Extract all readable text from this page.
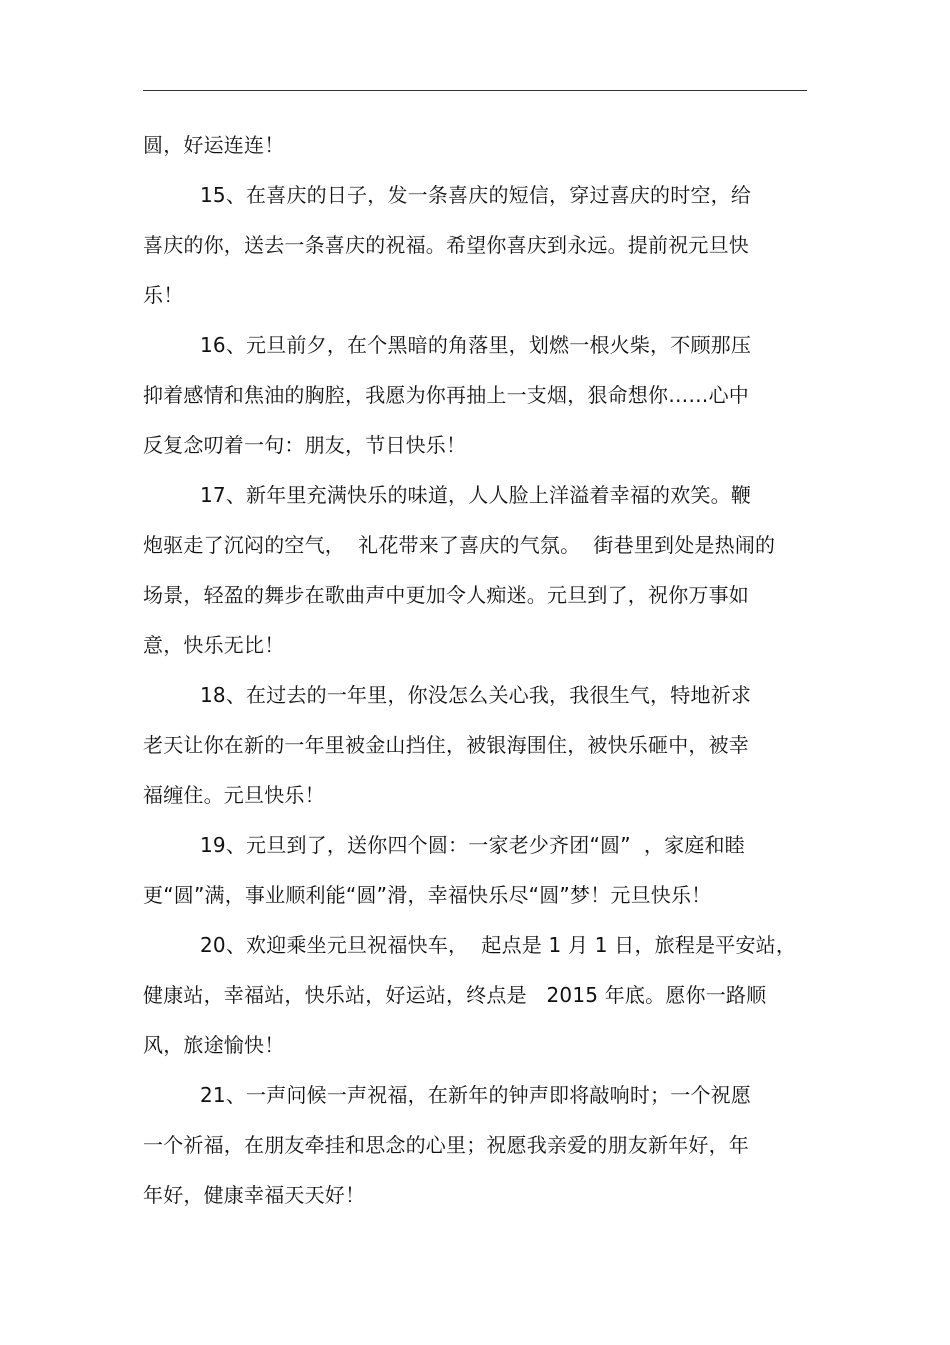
圆，好运连连！
15、在喜庆的日子，发一条喜庆的短信，穿过喜庆的时空，给
喜庆的你，送去一条喜庆的祝福。希望你喜庆到永远。提前祝元旦快
乐！
16、元旦前夕，在个黑暗的角落里，划燃一根火柴，不顾那压
抑着感情和焦油的胸腔，我愿为你再抽上一支烟，狠命想你……心中
反复念叨着一句：朋友，节日快乐！
17、新年里充满快乐的味道，人人脸上洋溢着幸福的欢笑。鞭
炮驱走了沉闷的空气，  礼花带来了喜庆的气氛。  街巷里到处是热闹的
场景，轻盈的舞步在歌曲声中更加令人痴迷。元旦到了，祝你万事如
意，快乐无比！
18、在过去的一年里，你没怎么关心我，我很生气，特地祈求
老天让你在新的一年里被金山挡住，被银海围住，被快乐砸中，被幸
福缠住。元旦快乐！
19、元旦到了，送你四个圆：一家老少齐团“圆”  ，家庭和睦
更“圆”满，事业顺利能“圆”滑，幸福快乐尽“圆”梦！元旦快乐！
20、欢迎乘坐元旦祝福快车，  起点是 1 月 1 日，旅程是平安站，
健康站，幸福站，快乐站，好运站，终点是   2015 年底。愿你一路顺
风，旅途愉快！
21、一声问候一声祝福，在新年的钟声即将敲响时；一个祝愿
一个祈福，在朋友牵挂和思念的心里；祝愿我亲爱的朋友新年好，年
年好，健康幸福天天好！
